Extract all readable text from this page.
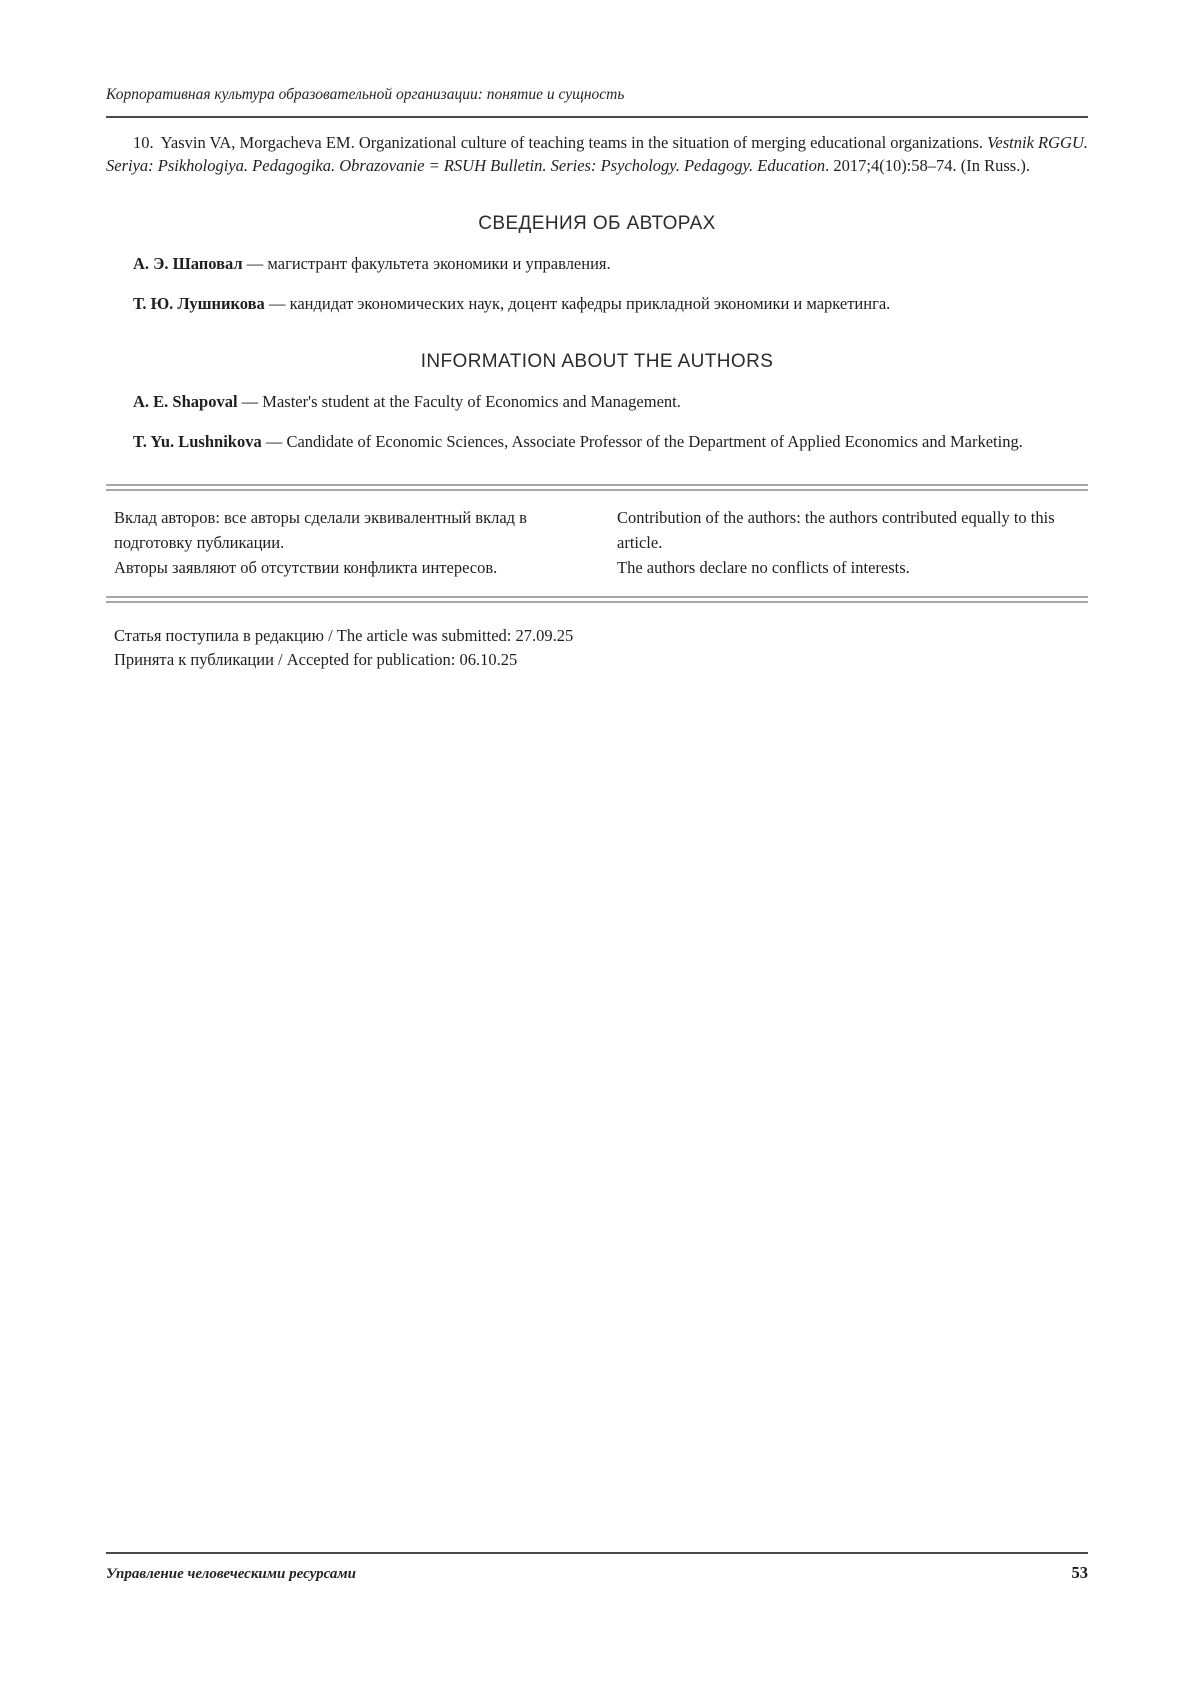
Корпоративная культура образовательной организации: понятие и сущность

10. Yasvin VA, Morgacheva EM. Organizational culture of teaching teams in the situation of merging educational organizations. Vestnik RGGU. Seriya: Psikhologiya. Pedagogika. Obrazovanie = RSUH Bulletin. Series: Psychology. Pedagogy. Education. 2017;4(10):58–74. (In Russ.).

СВЕДЕНИЯ ОБ АВТОРАХ

А. Э. Шаповал — магистрант факультета экономики и управления.

Т. Ю. Лушникова — кандидат экономических наук, доцент кафедры прикладной экономики и маркетинга.

INFORMATION ABOUT THE AUTHORS

A. E. Shapoval — Master's student at the Faculty of Economics and Management.

T. Yu. Lushnikova — Candidate of Economic Sciences, Associate Professor of the Department of Applied Economics and Marketing.

Вклад авторов: все авторы сделали эквивалентный вклад в подготовку публикации.

Авторы заявляют об отсутствии конфликта интересов.

Contribution of the authors: the authors contributed equally to this article.

The authors declare no conflicts of interests.

Статья поступила в редакцию / The article was submitted: 27.09.25

Принята к публикации / Accepted for publication: 06.10.25

Управление человеческими ресурсами	53
